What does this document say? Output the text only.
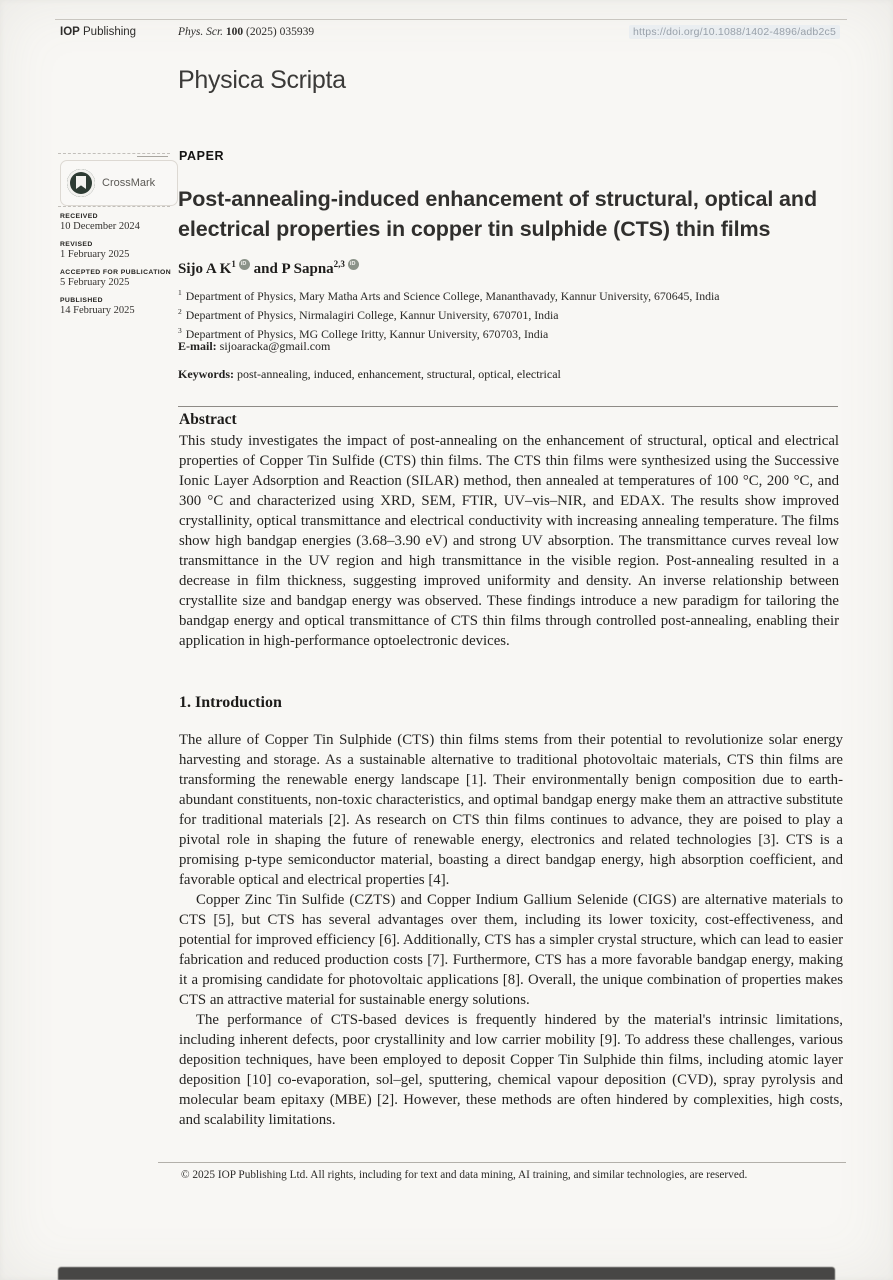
IOP Publishing	Phys. Scr. 100 (2025) 035939	https://doi.org/10.1088/1402-4896/adb2c5
Physica Scripta
CrossMark
RECEIVED
10 December 2024
REVISED
1 February 2025
ACCEPTED FOR PUBLICATION
5 February 2025
PUBLISHED
14 February 2025
PAPER
Post-annealing-induced enhancement of structural, optical and electrical properties in copper tin sulphide (CTS) thin films
Sijo A $K^1iD$ and P Sapna$^{2,3}$iD
$^1$ Department of Physics, Mary Matha Arts and Science College, Mananthavady, Kannur University, 670645, India
$^2$ Department of Physics, Nirmalagiri College, Kannur University, 670701, India
$^3$ Department of Physics, MG College Iritty, Kannur University, 670703, India
E-mail: sijoaracka@gmail.com
Keywords: post-annealing, induced, enhancement, structural, optical, electrical
Abstract

This study investigates the impact of post-annealing on the enhancement of structural, optical and electrical properties of Copper Tin Sulfide (CTS) thin films. The CTS thin films were synthesized using the Successive Ionic Layer Adsorption and Reaction (SILAR) method, then annealed at temperatures of 100 °C, 200 °C, and 300 °C and characterized using XRD, SEM, FTIR, UV–vis–NIR, and EDAX. The results show improved crystallinity, optical transmittance and electrical conductivity with increasing annealing temperature. The films show high bandgap energies (3.68–3.90 eV) and strong UV absorption. The transmittance curves reveal low transmittance in the UV region and high transmittance in the visible region. Post-annealing resulted in a decrease in film thickness, suggesting improved uniformity and density. An inverse relationship between crystallite size and bandgap energy was observed. These findings introduce a new paradigm for tailoring the bandgap energy and optical transmittance of CTS thin films through controlled post-annealing, enabling their application in high-performance optoelectronic devices.

1. Introduction

The allure of Copper Tin Sulphide (CTS) thin films stems from their potential to revolutionize solar energy harvesting and storage. As a sustainable alternative to traditional photovoltaic materials, CTS thin films are transforming the renewable energy landscape [1]. Their environmentally benign composition due to earth-abundant constituents, non-toxic characteristics, and optimal bandgap energy make them an attractive substitute for traditional materials [2]. As research on CTS thin films continues to advance, they are poised to play a pivotal role in shaping the future of renewable energy, electronics and related technologies [3]. CTS is a promising p-type semiconductor material, boasting a direct bandgap energy, high absorption coefficient, and favorable optical and electrical properties [4].

Copper Zinc Tin Sulfide (CZTS) and Copper Indium Gallium Selenide (CIGS) are alternative materials to CTS [5], but CTS has several advantages over them, including its lower toxicity, cost-effectiveness, and potential for improved efficiency [6]. Additionally, CTS has a simpler crystal structure, which can lead to easier fabrication and reduced production costs [7]. Furthermore, CTS has a more favorable bandgap energy, making it a promising candidate for photovoltaic applications [8]. Overall, the unique combination of properties makes CTS an attractive material for sustainable energy solutions.

The performance of CTS-based devices is frequently hindered by the material's intrinsic limitations, including inherent defects, poor crystallinity and low carrier mobility [9]. To address these challenges, various deposition techniques, have been employed to deposit Copper Tin Sulphide thin films, including atomic layer deposition [10] co-evaporation, sol–gel, sputtering, chemical vapour deposition (CVD), spray pyrolysis and molecular beam epitaxy (MBE) [2]. However, these methods are often hindered by complexities, high costs, and scalability limitations.

© 2025 IOP Publishing Ltd. All rights, including for text and data mining, AI training, and similar technologies, are reserved.
